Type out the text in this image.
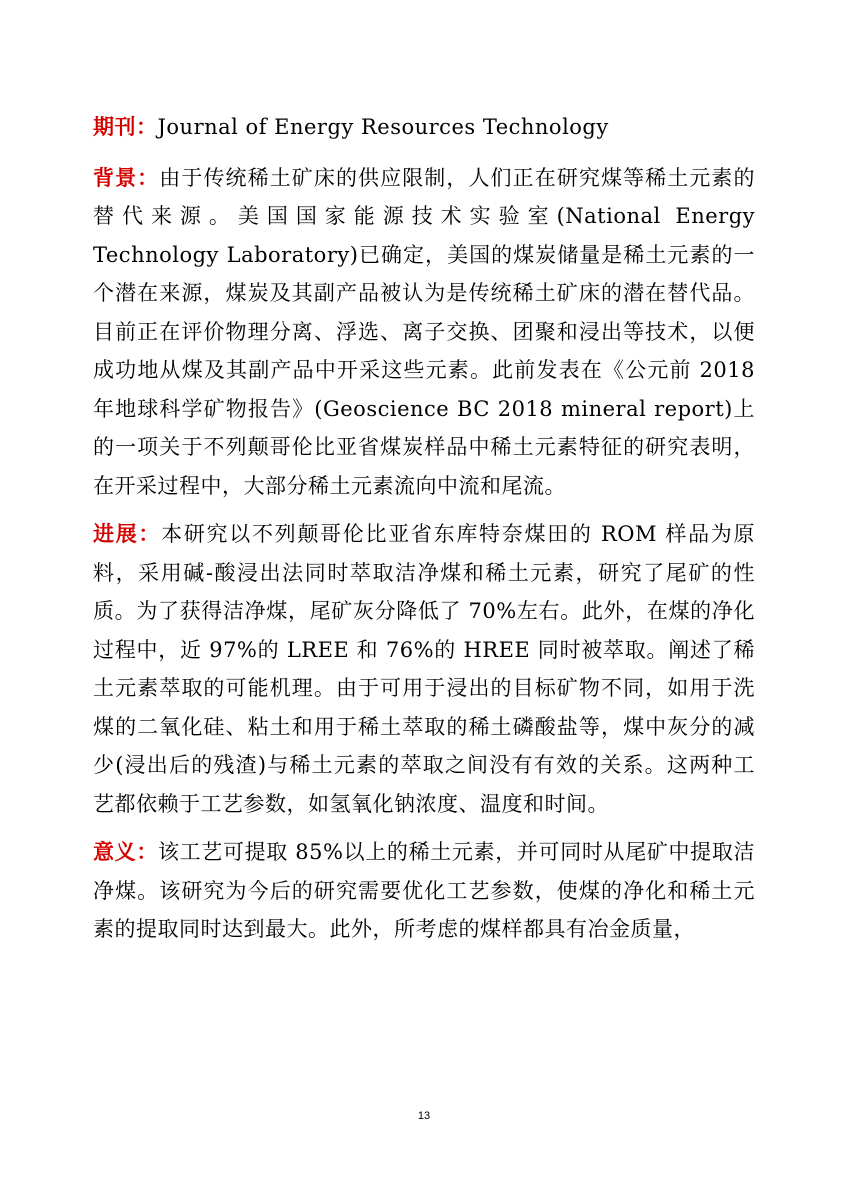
期刊：Journal of Energy Resources Technology

背景：由于传统稀土矿床的供应限制，人们正在研究煤等稀土元素的替代来源。美国国家能源技术实验室(National Energy Technology Laboratory)已确定，美国的煤炭储量是稀土元素的一个潜在来源，煤炭及其副产品被认为是传统稀土矿床的潜在替代品。目前正在评价物理分离、浮选、离子交换、团聚和浸出等技术，以便成功地从煤及其副产品中开采这些元素。此前发表在《公元前 2018 年地球科学矿物报告》(Geoscience BC 2018 mineral report)上的一项关于不列颠哥伦比亚省煤炭样品中稀土元素特征的研究表明，在开采过程中，大部分稀土元素流向中流和尾流。

进展：本研究以不列颠哥伦比亚省东库特奈煤田的 ROM 样品为原料，采用碱-酸浸出法同时萃取洁净煤和稀土元素，研究了尾矿的性质。为了获得洁净煤，尾矿灰分降低了 70%左右。此外，在煤的净化过程中，近 97%的 LREE 和 76%的 HREE 同时被萃取。阐述了稀土元素萃取的可能机理。由于可用于浸出的目标矿物不同，如用于洗煤的二氧化硅、粘土和用于稀土萃取的稀土磷酸盐等，煤中灰分的减少(浸出后的残渣)与稀土元素的萃取之间没有有效的关系。这两种工艺都依赖于工艺参数，如氢氧化钠浓度、温度和时间。

意义：该工艺可提取 85%以上的稀土元素，并可同时从尾矿中提取洁净煤。该研究为今后的研究需要优化工艺参数，使煤的净化和稀土元素的提取同时达到最大。此外，所考虑的煤样都具有冶金质量，

13
